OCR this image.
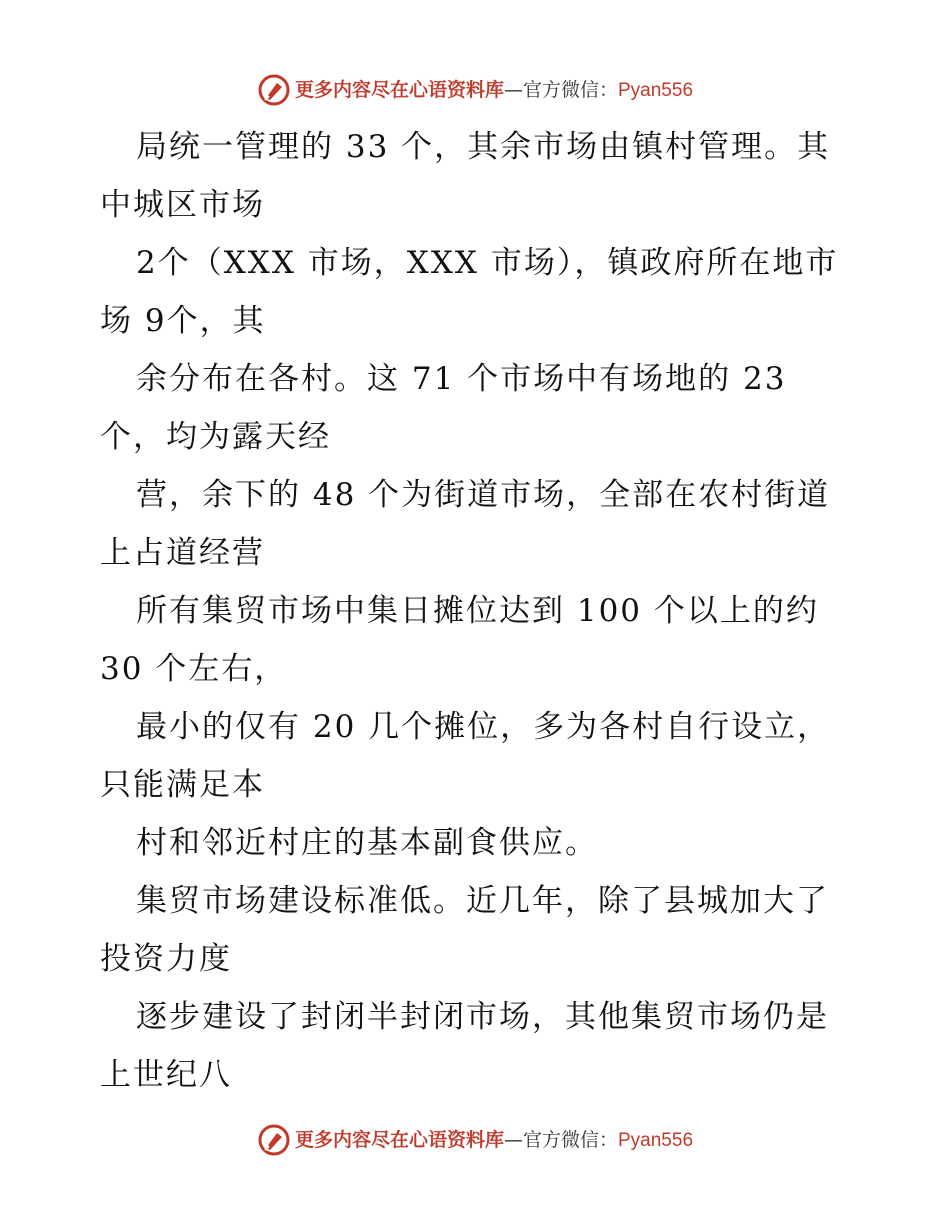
更多内容尽在心语资料库—官方微信：Pyan556
局统一管理的 33 个，其余市场由镇村管理。其
中城区市场
2个（XXX 市场，XXX 市场），镇政府所在地市
场 9个，其
余分布在各村。这 71 个市场中有场地的 23
个，均为露天经
营，余下的 48 个为街道市场，全部在农村街道
上占道经营
所有集贸市场中集日摊位达到 100 个以上的约
30 个左右，
最小的仅有 20 几个摊位，多为各村自行设立，
只能满足本
村和邻近村庄的基本副食供应。
集贸市场建设标准低。近几年，除了县城加大了
投资力度
逐步建设了封闭半封闭市场，其他集贸市场仍是
上世纪八
更多内容尽在心语资料库—官方微信：Pyan556
